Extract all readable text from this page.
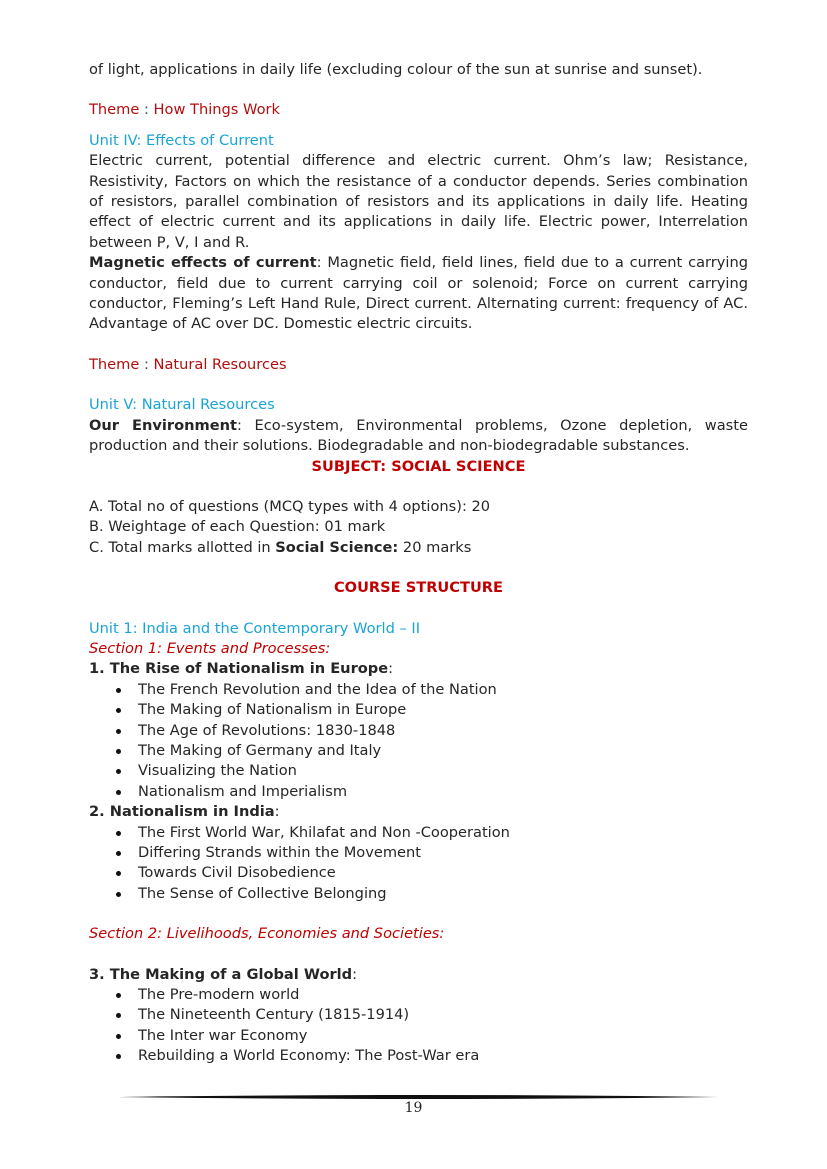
of light, applications in daily life (excluding colour of the sun at sunrise and sunset).
Theme : How Things Work
Unit IV: Effects of Current
Electric current, potential difference and electric current. Ohm’s law; Resistance, Resistivity, Factors on which the resistance of a conductor depends. Series combination of resistors, parallel combination of resistors and its applications in daily life. Heating effect of electric current and its applications in daily life. Electric power, Interrelation between P, V, I and R.
Magnetic effects of current: Magnetic field, field lines, field due to a current carrying conductor, field due to current carrying coil or solenoid; Force on current carrying conductor, Fleming’s Left Hand Rule, Direct current. Alternating current: frequency of AC. Advantage of AC over DC. Domestic electric circuits.
Theme : Natural Resources
Unit V: Natural Resources
Our Environment: Eco-system, Environmental problems, Ozone depletion, waste production and their solutions. Biodegradable and non-biodegradable substances.
SUBJECT: SOCIAL SCIENCE
A. Total no of questions (MCQ types with 4 options): 20
B. Weightage of each Question: 01 mark
C. Total marks allotted in Social Science: 20 marks
COURSE STRUCTURE
Unit 1: India and the Contemporary World – II
Section 1: Events and Processes:
1. The Rise of Nationalism in Europe:
The French Revolution and the Idea of the Nation
The Making of Nationalism in Europe
The Age of Revolutions: 1830-1848
The Making of Germany and Italy
Visualizing the Nation
Nationalism and Imperialism
2. Nationalism in India:
The First World War, Khilafat and Non -Cooperation
Differing Strands within the Movement
Towards Civil Disobedience
The Sense of Collective Belonging
Section 2: Livelihoods, Economies and Societies:
3. The Making of a Global World:
The Pre-modern world
The Nineteenth Century (1815-1914)
The Inter war Economy
Rebuilding a World Economy: The Post-War era
19
